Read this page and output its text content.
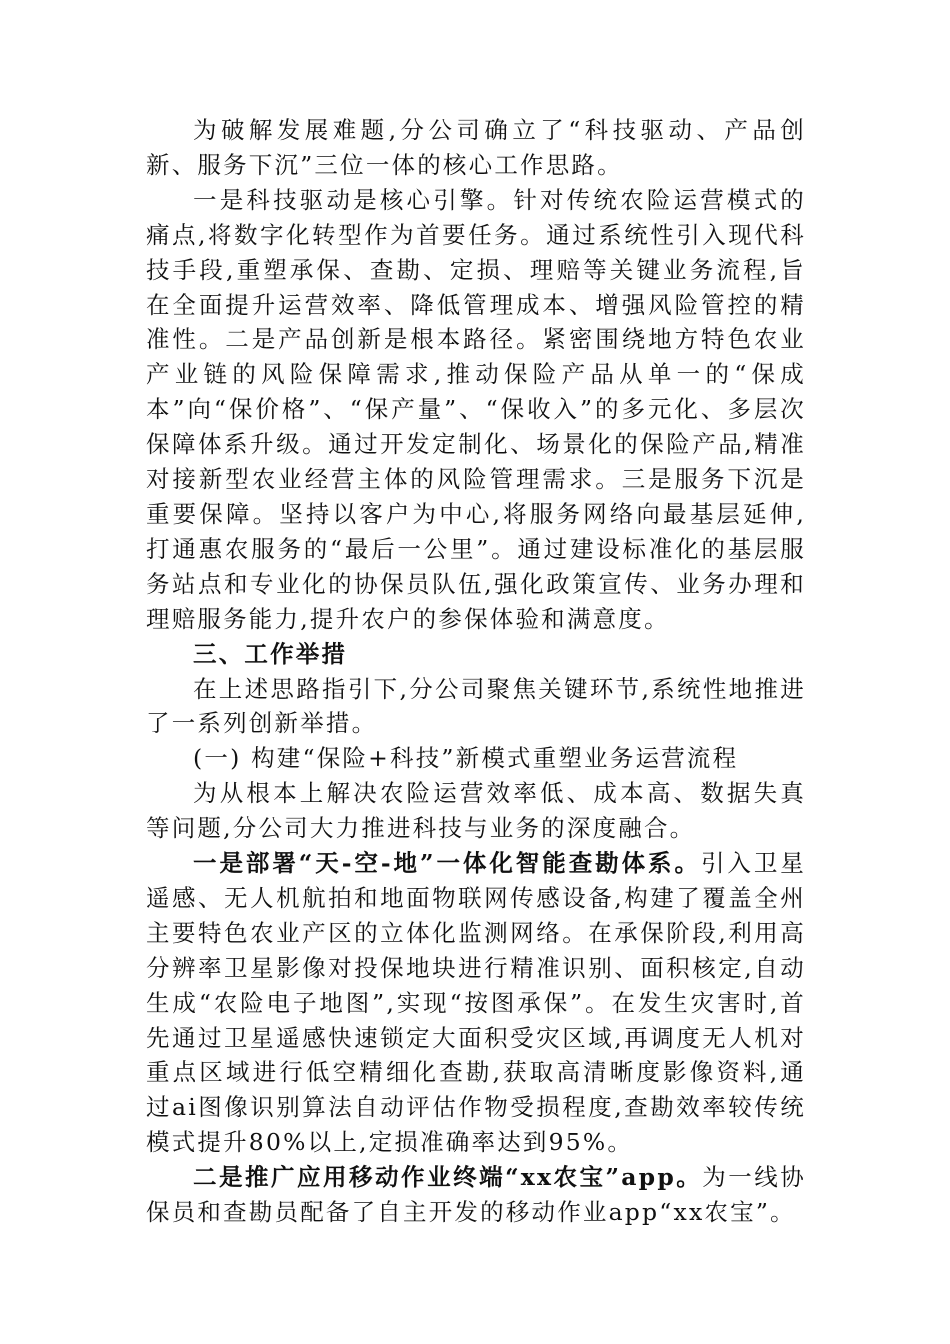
为破解发展难题,分公司确立了“科技驱动、产品创新、服务下沉”三位一体的核心工作思路。

一是科技驱动是核心引擎。针对传统农险运营模式的痛点,将数字化转型作为首要任务。通过系统性引入现代科技手段,重塑承保、查勘、定损、理赔等关键业务流程,旨在全面提升运营效率、降低管理成本、增强风险管控的精准性。二是产品创新是根本路径。紧密围绕地方特色农业产业链的风险保障需求,推动保险产品从单一的“保成本”向“保价格”、“保产量”、“保收入”的多元化、多层次保障体系升级。通过开发定制化、场景化的保险产品,精准对接新型农业经营主体的风险管理需求。三是服务下沉是重要保障。坚持以客户为中心,将服务网络向最基层延伸,打通惠农服务的“最后一公里”。通过建设标准化的基层服务站点和专业化的协保员队伍,强化政策宣传、业务办理和理赔服务能力,提升农户的参保体验和满意度。

三、工作举措

在上述思路指引下,分公司聚焦关键环节,系统性地推进了一系列创新举措。

(一) 构建“保险+科技”新模式重塑业务运营流程

为从根本上解决农险运营效率低、成本高、数据失真等问题,分公司大力推进科技与业务的深度融合。

一是部署“天-空-地”一体化智能查勘体系。引入卫星遥感、无人机航拍和地面物联网传感设备,构建了覆盖全州主要特色农业产区的立体化监测网络。在承保阶段,利用高分辨率卫星影像对投保地块进行精准识别、面积核定,自动生成“农险电子地图”,实现“按图承保”。在发生灾害时,首先通过卫星遥感快速锁定大面积受灾区域,再调度无人机对重点区域进行低空精细化查勘,获取高清晰度影像资料,通过ai图像识别算法自动评估作物受损程度,查勘效率较传统模式提升80%以上,定损准确率达到95%。

二是推广应用移动作业终端“xx农宝”app。为一线协保员和查勘员配备了自主开发的移动作业app“xx农宝”。
